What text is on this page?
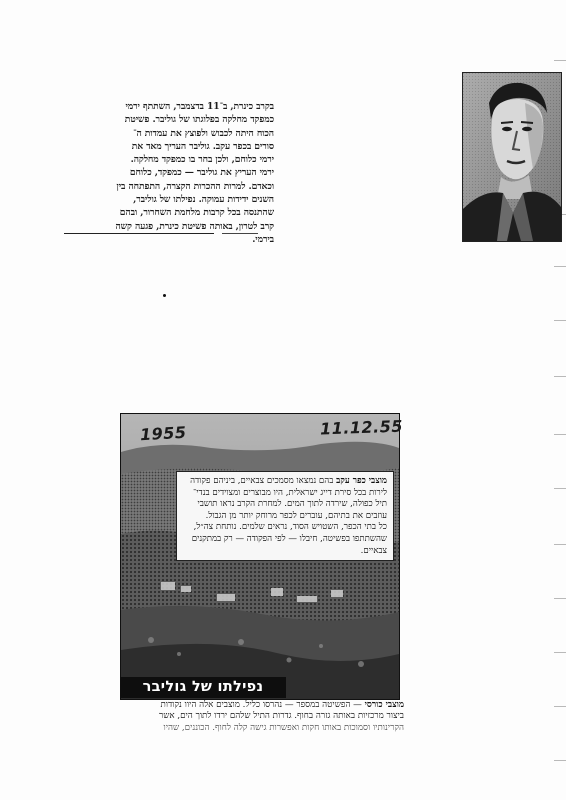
בקרב כינרת, ב־11 בדצמבר, השתתף ירמי
כמפקד מחלקה בפלוגתו של גוליבר. פשיטת
הכוח היתה לכבוש ולפוצץ את עמדות ה־
סורים בכפר עקב. גוליבר העריך מאד את
ירמי כלוחם, ולכן בחר בו כמפקד מחלקה.
ירמי העריץ את גוליבר — כמפקד, כלוחם
וכאדם. למרות ההכרות הקצרה, התפתחה בין
השנים ידידות עמוקה. נפילתו של גוליבר,
שהתנסה בכל קרבות מלחמת השחרור, ובהם
קרב לטרון, באותה פשיטת כינרת, פגעה קשה
בירמי.
1955	11.12.55
מוצבי כפר עקב בהם נמצאו מסמכים צבאיים, ביניהם פקודה
לירות בכל סירת דייג ישראלית, היו מבוצרים ומצוידים בנדי־
תיל כפולה, שירדה לתוך המים. למחרת הקרב נראו תושבי
עוזבים את בתיהם, עוברים לכפר מרוחק יותר מן הגבול.
כל בתי הכפר, השטויש הסוד, נראים שלמים. נותחת צה״ל,
שהשתתפו בפשיטה, חיבלו — לפי הפקודה — רק במתקנים
צבאיים.
נפילתו של גוליבר
מוצבי כורסי — הפשיטה במספר — נהרסו כליל. מוצבים אלה היוו נקודות
ביצור מרכזיות באותה גזרה בחוף. גדרות התיל שלהם ירדו לתוך הים, אשר
הקרינותיו וסמוכות באותו חקות ואפשרות גישה קלה לחוף. הכוננים, שהיו
